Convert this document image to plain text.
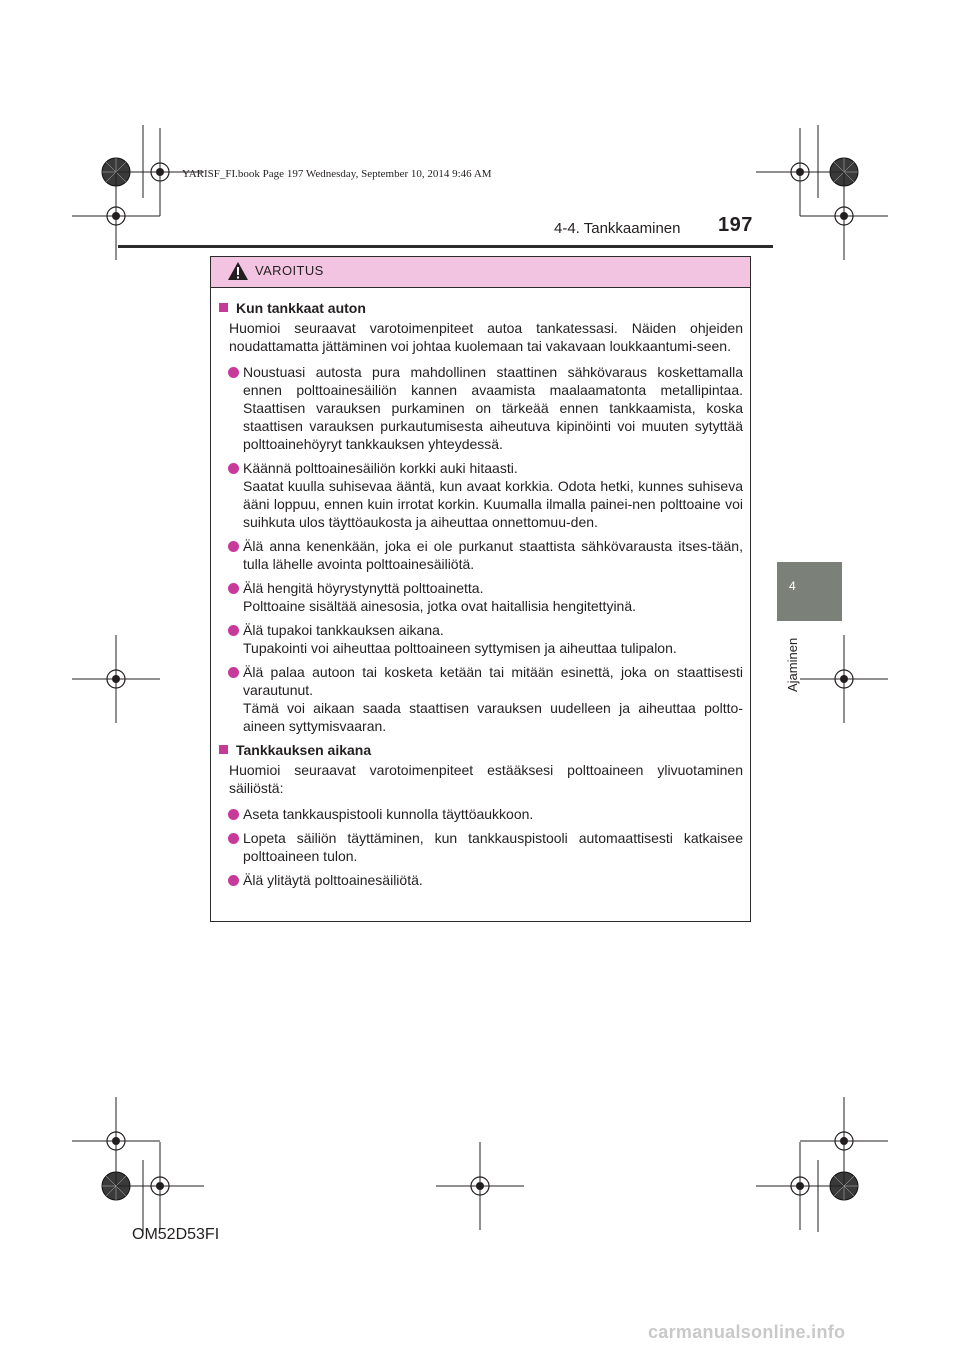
YARISF_FI.book Page 197 Wednesday, September 10, 2014 9:46 AM
4-4. Tankkaaminen 197
4
Ajaminen
VAROITUS
Kun tankkaat auton
Huomioi seuraavat varotoimenpiteet autoa tankatessasi. Näiden ohjeiden noudattamatta jättäminen voi johtaa kuolemaan tai vakavaan loukkaantumi-seen.
Noustuasi autosta pura mahdollinen staattinen sähkövaraus koskettamalla ennen polttoainesäiliön kannen avaamista maalaamatonta metallipintaa. Staattisen varauksen purkaminen on tärkeää ennen tankkaamista, koska staattisen varauksen purkautumisesta aiheutuva kipinöinti voi muuten sytyttää polttoainehöyryt tankkauksen yhteydessä.
Käännä polttoainesäiliön korkki auki hitaasti.
Saatat kuulla suhisevaa ääntä, kun avaat korkkia. Odota hetki, kunnes suhiseva ääni loppuu, ennen kuin irrotat korkin. Kuumalla ilmalla painei-nen polttoaine voi suihkuta ulos täyttöaukosta ja aiheuttaa onnettomuu-den.
Älä anna kenenkään, joka ei ole purkanut staattista sähkövarausta itses-tään, tulla lähelle avointa polttoainesäiliötä.
Älä hengitä höyrystynyttä polttoainetta.
Polttoaine sisältää ainesosia, jotka ovat haitallisia hengitettyinä.
Älä tupakoi tankkauksen aikana.
Tupakointi voi aiheuttaa polttoaineen syttymisen ja aiheuttaa tulipalon.
Älä palaa autoon tai kosketa ketään tai mitään esinettä, joka on staattisesti varautunut.
Tämä voi aikaan saada staattisen varauksen uudelleen ja aiheuttaa poltto-aineen syttymisvaaran.
Tankkauksen aikana
Huomioi seuraavat varotoimenpiteet estääksesi polttoaineen ylivuotaminen säiliöstä:
Aseta tankkauspistooli kunnolla täyttöaukkoon.
Lopeta säiliön täyttäminen, kun tankkauspistooli automaattisesti katkaisee polttoaineen tulon.
Älä ylitäytä polttoainesäiliötä.
OM52D53FI
carmanualsonline.info
